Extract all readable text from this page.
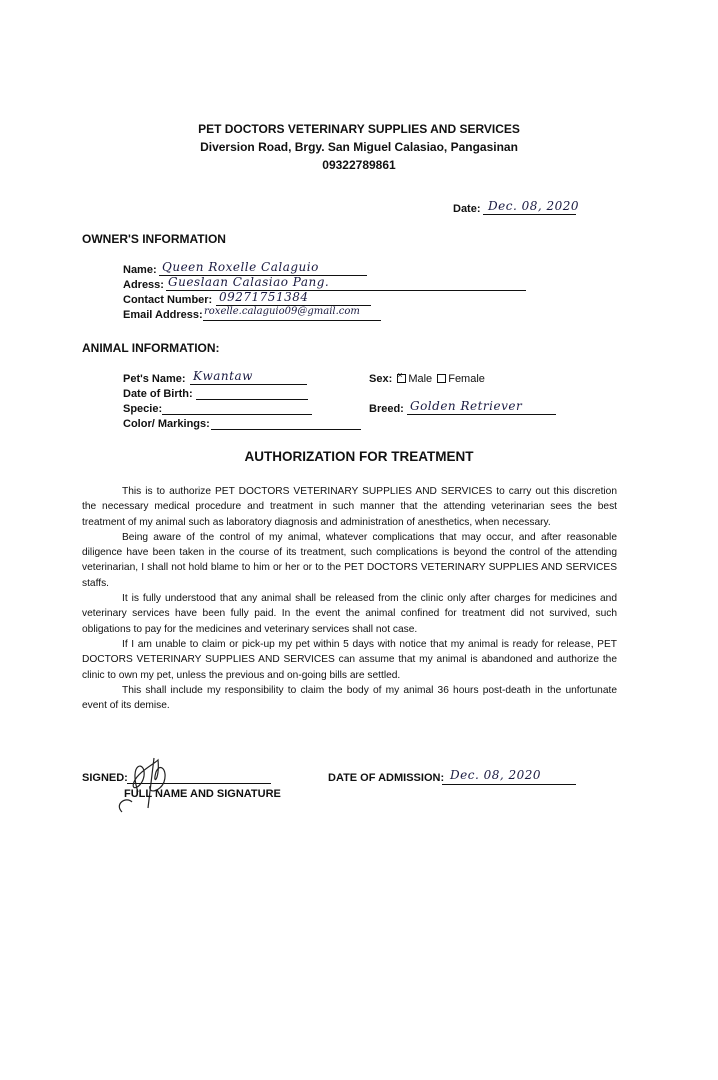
PET DOCTORS VETERINARY SUPPLIES AND SERVICES
Diversion Road, Brgy. San Miguel Calasiao, Pangasinan
09322789861
Date: Dec. 08, 2020
OWNER'S INFORMATION
Name: Queen Roxelle Calaguio
Adress: Gueslaan Calasiao Pang.
Contact Number: 09271751384
Email Address: roxelle.calaguio09@gmail.com
ANIMAL INFORMATION:
Pet's Name: Kwantaw
Date of Birth:
Specie:
Color/ Markings:
Sex: × Male Female
Breed: Golden Retriever
AUTHORIZATION FOR TREATMENT

This is to authorize PET DOCTORS VETERINARY SUPPLIES AND SERVICES to carry out this discretion the necessary medical procedure and treatment in such manner that the attending veterinarian sees the best treatment of my animal such as laboratory diagnosis and administration of anesthetics, when necessary.

Being aware of the control of my animal, whatever complications that may occur, and after reasonable diligence have been taken in the course of its treatment, such complications is beyond the control of the attending veterinarian, I shall not hold blame to him or her or to the PET DOCTORS VETERINARY SUPPLIES AND SERVICES staffs.

It is fully understood that any animal shall be released from the clinic only after charges for medicines and veterinary services have been fully paid. In the event the animal confined for treatment did not survived, such obligations to pay for the medicines and veterinary services shall not case.

If I am unable to claim or pick-up my pet within 5 days with notice that my animal is ready for release, PET DOCTORS VETERINARY SUPPLIES AND SERVICES can assume that my animal is abandoned and authorize the clinic to own my pet, unless the previous and on-going bills are settled.

This shall include my responsibility to claim the body of my animal 36 hours post-death in the unfortunate event of its demise.

SIGNED:
FULL NAME AND SIGNATURE
DATE OF ADMISSION: Dec. 08, 2020
